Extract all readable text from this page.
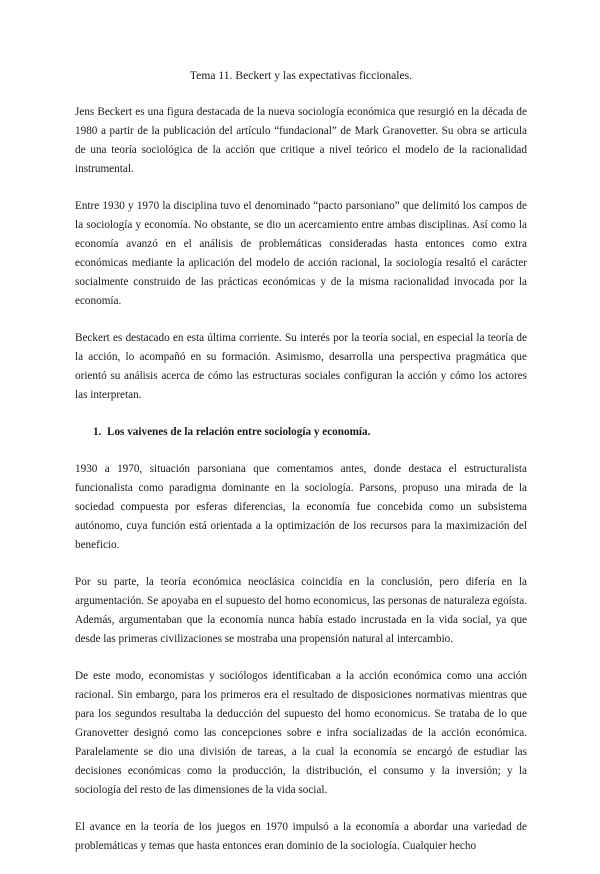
Tema 11. Beckert y las expectativas ficcionales.

Jens Beckert es una figura destacada de la nueva sociología económica que resurgió en la década de 1980 a partir de la publicación del artículo “fundacional” de Mark Granovetter. Su obra se articula de una teoría sociológica de la acción que critique a nivel teórico el modelo de la racionalidad instrumental.

Entre 1930 y 1970 la disciplina tuvo el denominado “pacto parsoniano” que delimitó los campos de la sociología y economía. No obstante, se dio un acercamiento entre ambas disciplinas. Así como la economía avanzó en el análisis de problemáticas consideradas hasta entonces como extra económicas mediante la aplicación del modelo de acción racional, la sociología resaltó el carácter socialmente construido de las prácticas económicas y de la misma racionalidad invocada por la economía.

Beckert es destacado en esta última corriente. Su interés por la teoría social, en especial la teoría de la acción, lo acompañó en su formación. Asimismo, desarrolla una perspectiva pragmática que orientó su análisis acerca de cómo las estructuras sociales configuran la acción y cómo los actores las interpretan.

1. Los vaivenes de la relación entre sociología y economía.

1930 a 1970, situación parsoniana que comentamos antes, donde destaca el estructuralista funcionalista como paradigma dominante en la sociología. Parsons, propuso una mirada de la sociedad compuesta por esferas diferencias, la economía fue concebida como un subsistema autónomo, cuya función está orientada a la optimización de los recursos para la maximización del beneficio.

Por su parte, la teoría económica neoclásica coincidía en la conclusión, pero difería en la argumentación. Se apoyaba en el supuesto del homo economicus, las personas de naturaleza egoísta. Además, argumentaban que la economía nunca había estado incrustada en la vida social, ya que desde las primeras civilizaciones se mostraba una propensión natural al intercambio.

De este modo, economistas y sociólogos identificaban a la acción económica como una acción racional. Sin embargo, para los primeros era el resultado de disposiciones normativas mientras que para los segundos resultaba la deducción del supuesto del homo economicus. Se trataba de lo que Granovetter designó como las concepciones sobre e infra socializadas de la acción económica. Paralelamente se dio una división de tareas, a la cual la economía se encargó de estudiar las decisiones económicas como la producción, la distribución, el consumo y la inversión; y la sociología del resto de las dimensiones de la vida social.

El avance en la teoría de los juegos en 1970 impulsó a la economía a abordar una variedad de problemáticas y temas que hasta entonces eran dominio de la sociología. Cualquier hecho
